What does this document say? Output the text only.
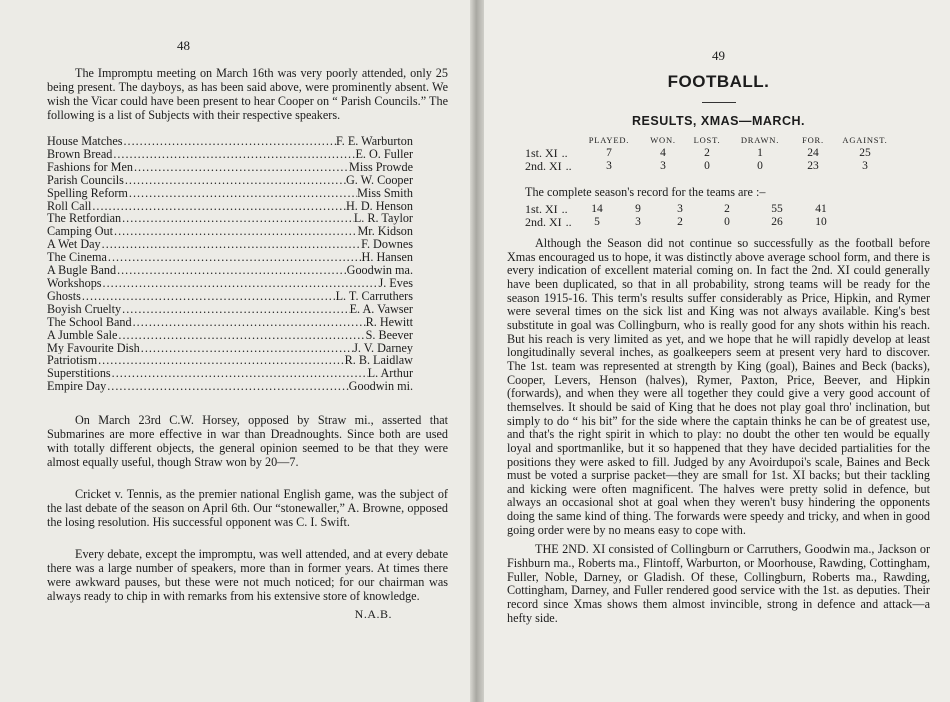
48

The Impromptu meeting on March 16th was very poorly attended, only 25 being present. The dayboys, as has been said above, were prominently absent. We wish the Vicar could have been present to hear Cooper on “ Parish Councils.” The following is a list of Subjects with their respective speakers.

House Matches .....	F. E. Warburton
Brown Bread .....	E. O. Fuller
Fashions for Men .....	Miss Prowde
Parish Councils .....	G. W. Cooper
Spelling Reform .....	Miss Smith
Roll Call .....	H. D. Henson
The Retfordian .....	L. R. Taylor
Camping Out .....	Mr. Kidson
A Wet Day .....	F. Downes
The Cinema .....	H. Hansen
A Bugle Band .....	Goodwin ma.
Workshops .....	J. Eves
Ghosts .....	L. T. Carruthers
Boyish Cruelty .....	E. A. Vawser
The School Band .....	R. Hewitt
A Jumble Sale .....	S. Beever
My Favourite Dish .....	J. V. Darney
Patriotism .....	R. B. Laidlaw
Superstitions .....	L. Arthur
Empire Day .....	Goodwin mi.

On March 23rd C.W. Horsey, opposed by Straw mi., asserted that Submarines are more effective in war than Dreadnoughts. Since both are used with totally different objects, the general opinion seemed to be that they were almost equally useful, though Straw won by 20—7.

Cricket v. Tennis, as the premier national English game, was the subject of the last debate of the season on April 6th. Our “stonewaller,” A. Browne, opposed the losing resolution. His successful opponent was C. I. Swift.

Every debate, except the impromptu, was well attended, and at every debate there was a large number of speakers, more than in former years. At times there were awkward pauses, but these were not much noticed; for our chairman was always ready to chip in with remarks from his extensive store of knowledge.

N.A.B.
49
FOOTBALL.
RESULTS, XMAS—MARCH.
	PLAYED.	WON.	LOST.	DRAWN.	FOR.	AGAINST.
1st. XI ..	7	4	2	1	24	25
2nd. XI ..	3	3	0	0	23	3
The complete season's record for the teams are :–
1st. XI ..	14	9	3	2	55	41
2nd. XI ..	5	3	2	0	26	10

Although the Season did not continue so successfully as the football before Xmas encouraged us to hope, it was distinctly above average school form, and there is every indication of excellent material coming on. In fact the 2nd. XI could generally have been duplicated, so that in all probability, strong teams will be ready for the season 1915-16. This term's results suffer considerably as Price, Hipkin, and Rymer were several times on the sick list and King was not always available. King's best substitute in goal was Collingburn, who is really good for any shots within his reach. But his reach is very limited as yet, and we hope that he will rapidly develop at least longitudinally several inches, as goalkeepers seem at present very hard to discover. The 1st. team was represented at strength by King (goal), Baines and Beck (backs), Cooper, Levers, Henson (halves), Rymer, Paxton, Price, Beever, and Hipkin (forwards), and when they were all together they could give a very good account of themselves. It should be said of King that he does not play goal thro' inclination, but simply to do “ his bit” for the side where the captain thinks he can be of greatest use, and that's the right spirit in which to play: no doubt the other ten would be equally loyal and sportmanlike, but it so happened that they have decided partialities for the positions they were asked to fill. Judged by any Avoirdupoi's scale, Baines and Beck must be voted a surprise packet—they are small for 1st. XI backs; but their tackling and kicking were often magnificent. The halves were pretty solid in defence, but always an occasional shot at goal when they weren't busy hindering the opponents doing the same kind of thing. The forwards were speedy and tricky, and when in good going order were by no means easy to cope with.

THE 2ND. XI consisted of Collingburn or Carruthers, Goodwin ma., Jackson or Fishburn ma., Roberts ma., Flintoff, Warburton, or Moorhouse, Rawding, Cottingham, Fuller, Noble, Darney, or Gladish. Of these, Collingburn, Roberts ma., Rawding, Cottingham, Darney, and Fuller rendered good service with the 1st. as deputies. Their record since Xmas shows them almost invincible, strong in defence and attack—a hefty side.
